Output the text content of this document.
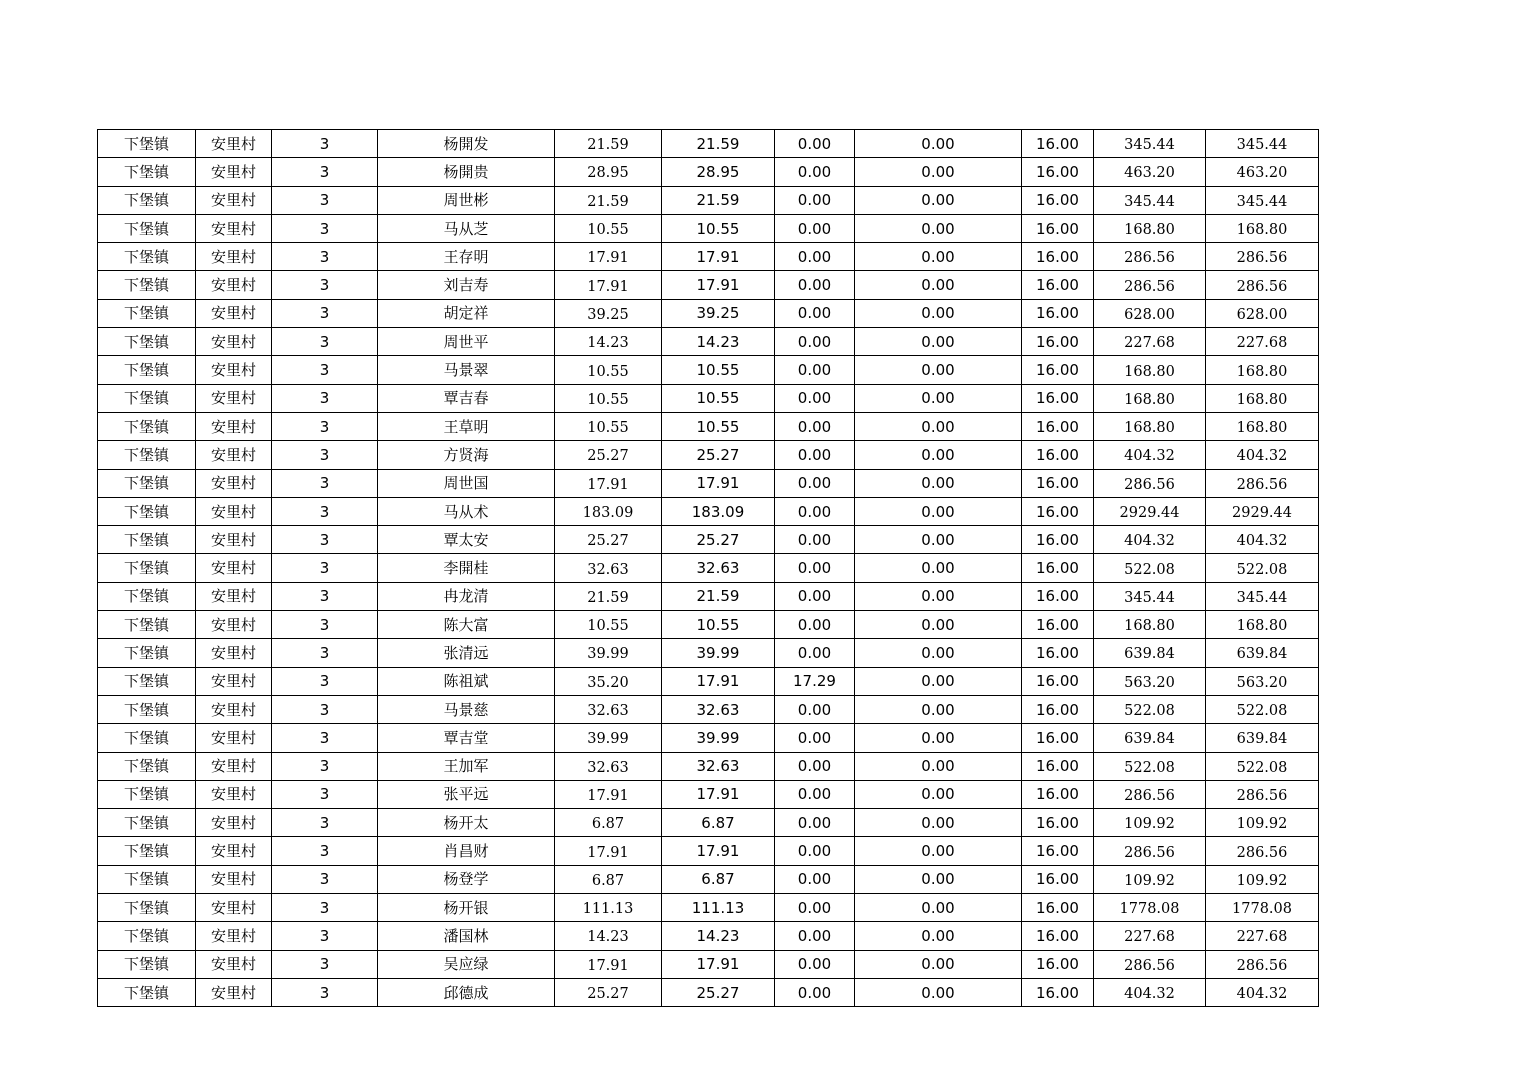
下堡镇	安里村	3	杨開发	21.59	21.59	0.00	0.00	16.00	345.44	345.44
下堡镇	安里村	3	杨開贵	28.95	28.95	0.00	0.00	16.00	463.20	463.20
下堡镇	安里村	3	周世彬	21.59	21.59	0.00	0.00	16.00	345.44	345.44
下堡镇	安里村	3	马从芝	10.55	10.55	0.00	0.00	16.00	168.80	168.80
下堡镇	安里村	3	王存明	17.91	17.91	0.00	0.00	16.00	286.56	286.56
下堡镇	安里村	3	刘吉寿	17.91	17.91	0.00	0.00	16.00	286.56	286.56
下堡镇	安里村	3	胡定祥	39.25	39.25	0.00	0.00	16.00	628.00	628.00
下堡镇	安里村	3	周世平	14.23	14.23	0.00	0.00	16.00	227.68	227.68
下堡镇	安里村	3	马景翠	10.55	10.55	0.00	0.00	16.00	168.80	168.80
下堡镇	安里村	3	覃吉春	10.55	10.55	0.00	0.00	16.00	168.80	168.80
下堡镇	安里村	3	王草明	10.55	10.55	0.00	0.00	16.00	168.80	168.80
下堡镇	安里村	3	方贤海	25.27	25.27	0.00	0.00	16.00	404.32	404.32
下堡镇	安里村	3	周世国	17.91	17.91	0.00	0.00	16.00	286.56	286.56
下堡镇	安里村	3	马从术	183.09	183.09	0.00	0.00	16.00	2929.44	2929.44
下堡镇	安里村	3	覃太安	25.27	25.27	0.00	0.00	16.00	404.32	404.32
下堡镇	安里村	3	李開桂	32.63	32.63	0.00	0.00	16.00	522.08	522.08
下堡镇	安里村	3	冉龙清	21.59	21.59	0.00	0.00	16.00	345.44	345.44
下堡镇	安里村	3	陈大富	10.55	10.55	0.00	0.00	16.00	168.80	168.80
下堡镇	安里村	3	张清远	39.99	39.99	0.00	0.00	16.00	639.84	639.84
下堡镇	安里村	3	陈祖斌	35.20	17.91	17.29	0.00	16.00	563.20	563.20
下堡镇	安里村	3	马景慈	32.63	32.63	0.00	0.00	16.00	522.08	522.08
下堡镇	安里村	3	覃吉堂	39.99	39.99	0.00	0.00	16.00	639.84	639.84
下堡镇	安里村	3	王加军	32.63	32.63	0.00	0.00	16.00	522.08	522.08
下堡镇	安里村	3	张平远	17.91	17.91	0.00	0.00	16.00	286.56	286.56
下堡镇	安里村	3	杨开太	6.87	6.87	0.00	0.00	16.00	109.92	109.92
下堡镇	安里村	3	肖昌财	17.91	17.91	0.00	0.00	16.00	286.56	286.56
下堡镇	安里村	3	杨登学	6.87	6.87	0.00	0.00	16.00	109.92	109.92
下堡镇	安里村	3	杨开银	111.13	111.13	0.00	0.00	16.00	1778.08	1778.08
下堡镇	安里村	3	潘国林	14.23	14.23	0.00	0.00	16.00	227.68	227.68
下堡镇	安里村	3	吴应绿	17.91	17.91	0.00	0.00	16.00	286.56	286.56
下堡镇	安里村	3	邱德成	25.27	25.27	0.00	0.00	16.00	404.32	404.32
